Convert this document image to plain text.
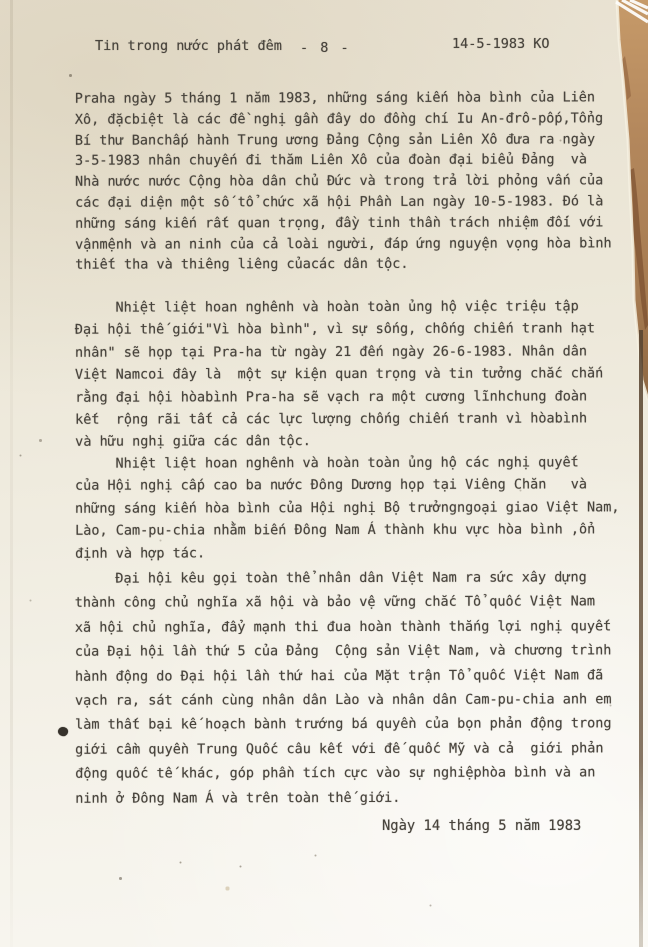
Tin trong nước phát đêm - 8 -	14-5-1983 KO
Praha ngày 5 tháng 1 năm 1983, những sáng kiến hòa bình của Liên
Xô, đặcbiệt là các đề nghị gần đây do đồng chí Iu An-đrô-pốp,Tổng
Bí thư Banchấp hành Trung ương Đảng Cộng sản Liên Xô đưa ra ngày
3-5-1983 nhân chuyến đi thăm Liên Xô của đoàn đại biểu Đảng  và
Nhà nước nước Cộng hòa dân chủ Đức và trong trả lời phỏng vấn của
các đại diện một số tổ chức xã hội Phần Lan ngày 10-5-1983. Đó là
những sáng kiến rất quan trọng, đầy tinh thần trách nhiệm đối với
vậnmệnh và an ninh của cả loài người, đáp ứng nguyện vọng hòa bình
thiết tha và thiêng liêng củacác dân tộc.
Nhiệt liệt hoan nghênh và hoàn toàn ủng hộ việc triệu tập
Đại hội thế giới"Vì hòa bình", vì sự sống, chống chiến tranh hạt
nhân" sẽ họp tại Pra-ha từ ngày 21 đến ngày 26-6-1983. Nhân dân
Việt Namcoi đây là  một sự kiện quan trọng và tin tưởng chắc chắn
rằng đại hội hòabình Pra-ha sẽ vạch ra một cương lĩnhchung đoàn
kết  rộng rãi tất cả các lực lượng chống chiến tranh vì hòabình
và hữu nghị giữa các dân tộc.
Nhiệt liệt hoan nghênh và hoàn toàn ủng hộ các nghị quyết
của Hội nghị cấp cao ba nước Đông Dương họp tại Viêng Chăn   và
những sáng kiến hòa bình của Hội nghị Bộ trưởngngoại giao Việt Nam,
Lào, Cam-pu-chia nhằm biến Đông Nam Á thành khu vực hòa bình ,ổn
định và hợp tác.
Đại hội kêu gọi toàn thể nhân dân Việt Nam ra sức xây dựng
thành công chủ nghĩa xã hội và bảo vệ vững chắc Tổ quốc Việt Nam
xã hội chủ nghĩa, đẩy mạnh thi đua hoàn thành thắng lợi nghị quyết
của Đại hội lần thứ 5 của Đảng  Cộng sản Việt Nam, và chương trình
hành động do Đại hội lần thứ hai của Mặt trận Tổ quốc Việt Nam đã
vạch ra, sát cánh cùng nhân dân Lào và nhân dân Cam-pu-chia anh em
làm thất bại kế hoạch bành trướng bá quyền của bọn phản động trong
giới cầm quyền Trung Quốc câu kết với đế quốc Mỹ và cả  giới phản
động quốc tế khác, góp phần tích cực vào sự nghiệphòa bình và an
ninh ở Đông Nam Á và trên toàn thế giới.
Ngày 14 tháng 5 năm 1983
